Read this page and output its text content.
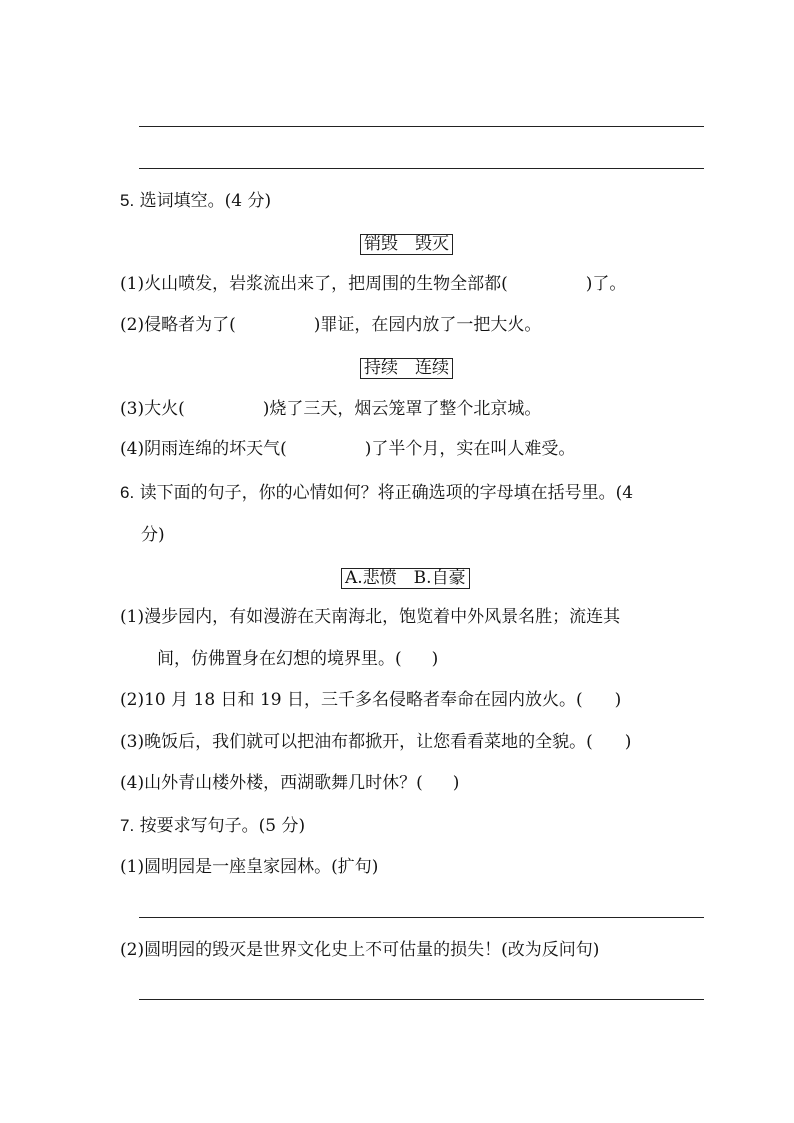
5. 选词填空。(4 分)
销毁　毁灭
(1)火山喷发，岩浆流出来了，把周围的生物全部都(	)了。
(2)侵略者为了(	)罪证，在园内放了一把大火。
持续　连续
(3)大火(	)烧了三天，烟云笼罩了整个北京城。
(4)阴雨连绵的坏天气(	)了半个月，实在叫人难受。
6. 读下面的句子，你的心情如何？将正确选项的字母填在括号里。(4
分)
A.悲愤　B.自豪
(1)漫步园内，有如漫游在天南海北，饱览着中外风景名胜；流连其
间，仿佛置身在幻想的境界里。( )
(2)10 月 18 日和 19 日，三千多名侵略者奉命在园内放火。( )
(3)晚饭后，我们就可以把油布都掀开，让您看看菜地的全貌。( )
(4)山外青山楼外楼，西湖歌舞几时休？( )
7. 按要求写句子。(5 分)
(1)圆明园是一座皇家园林。(扩句)
(2)圆明园的毁灭是世界文化史上不可估量的损失！(改为反问句)
